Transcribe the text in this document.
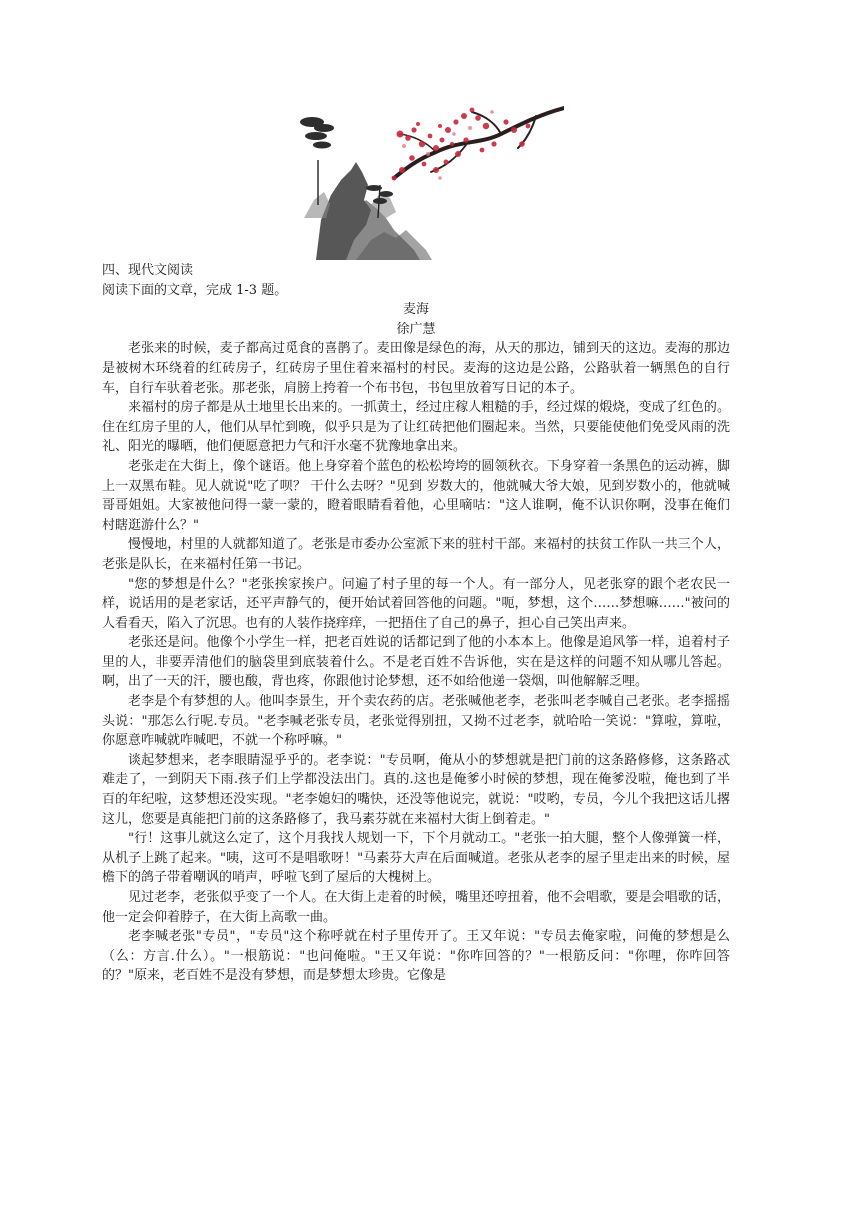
四、现代文阅读

阅读下面的文章，完成 1-3 题。

麦海

徐广慧

老张来的时候，麦子都高过觅食的喜鹊了。麦田像是绿色的海，从天的那边，铺到天的这边。麦海的那边是被树木环绕着的红砖房子，红砖房子里住着来福村的村民。麦海的这边是公路，公路驮着一辆黑色的自行车，自行车驮着老张。那老张，肩膀上挎着一个布书包，书包里放着写日记的本子。

来福村的房子都是从土地里长出来的。一抓黄土，经过庄稼人粗糙的手，经过煤的煅烧，变成了红色的。住在红房子里的人，他们从早忙到晚，似乎只是为了让红砖把他们圈起来。当然，只要能使他们免受风雨的洗礼、阳光的曝晒，他们便愿意把力气和汗水毫不犹豫地拿出来。

老张走在大街上，像个谜语。他上身穿着个蓝色的松松垮垮的圆领秋衣。下身穿着一条黑色的运动裤，脚上一双黑布鞋。见人就说"吃了呗？ 干什么去呀？"见到 岁数大的，他就喊大爷大娘，见到岁数小的，他就喊哥哥姐姐。大家被他问得一蒙一蒙的，瞪着眼睛看着他，心里嘀咕："这人谁啊，俺不认识你啊，没事在俺们村瞎逛游什么？"

慢慢地，村里的人就都知道了。老张是市委办公室派下来的驻村干部。来福村的扶贫工作队一共三个人，老张是队长，在来福村任第一书记。

"您的梦想是什么？"老张挨家挨户。问遍了村子里的每一个人。有一部分人，见老张穿的跟个老农民一样，说话用的是老家话，还平声静气的，便开始试着回答他的问题。"呃，梦想，这个……梦想嘛……"被问的人看看天，陷入了沉思。也有的人装作挠痒痒，一把捂住了自己的鼻子，担心自己笑出声来。

老张还是问。他像个小学生一样，把老百姓说的话都记到了他的小本本上。他像是追风筝一样，追着村子里的人，非要弄清他们的脑袋里到底装着什么。不是老百姓不告诉他，实在是这样的问题不知从哪儿答起。啊，出了一天的汗，腰也酸，背也疼，你跟他讨论梦想，还不如给他递一袋烟，叫他解解乏哩。

老李是个有梦想的人。他叫李景生，开个卖农药的店。老张喊他老李，老张叫老李喊自己老张。老李摇摇头说："那怎么行呢.专员。"老李喊老张专员，老张觉得别扭，又拗不过老李，就哈哈一笑说："算啦，算啦，你愿意咋喊就咋喊吧，不就一个称呼嘛。"

谈起梦想来，老李眼睛湿乎乎的。老李说："专员啊，俺从小的梦想就是把门前的这条路修修，这条路忒难走了，一到阴天下雨.孩子们上学都没法出门。真的.这也是俺爹小时候的梦想，现在俺爹没啦，俺也到了半百的年纪啦，这梦想还没实现。"老李媳妇的嘴快，还没等他说完，就说："哎哟，专员，今儿个我把这话儿撂这儿，您要是真能把门前的这条路修了，我马素芬就在来福村大街上倒着走。"

"行！这事儿就这么定了，这个月我找人规划一下，下个月就动工。"老张一拍大腿，整个人像弹簧一样，从机子上跳了起来。"咦，这可不是唱歌呀！"马素芬大声在后面喊道。老张从老李的屋子里走出来的时候，屋檐下的鸽子带着嘲讽的哨声，呼啦飞到了屋后的大槐树上。

见过老李，老张似乎变了一个人。在大街上走着的时候，嘴里还哼扭着，他不会唱歌，要是会唱歌的话，他一定会仰着脖子，在大街上高歌一曲。

老李喊老张"专员"，"专员"这个称呼就在村子里传开了。王又年说："专员去俺家啦，问俺的梦想是么（么：方言.什么）。"一根筋说："也问俺啦。"王又年说："你咋回答的？"一根筋反问："你哩，你咋回答的？"原来，老百姓不是没有梦想，而是梦想太珍贵。它像是
